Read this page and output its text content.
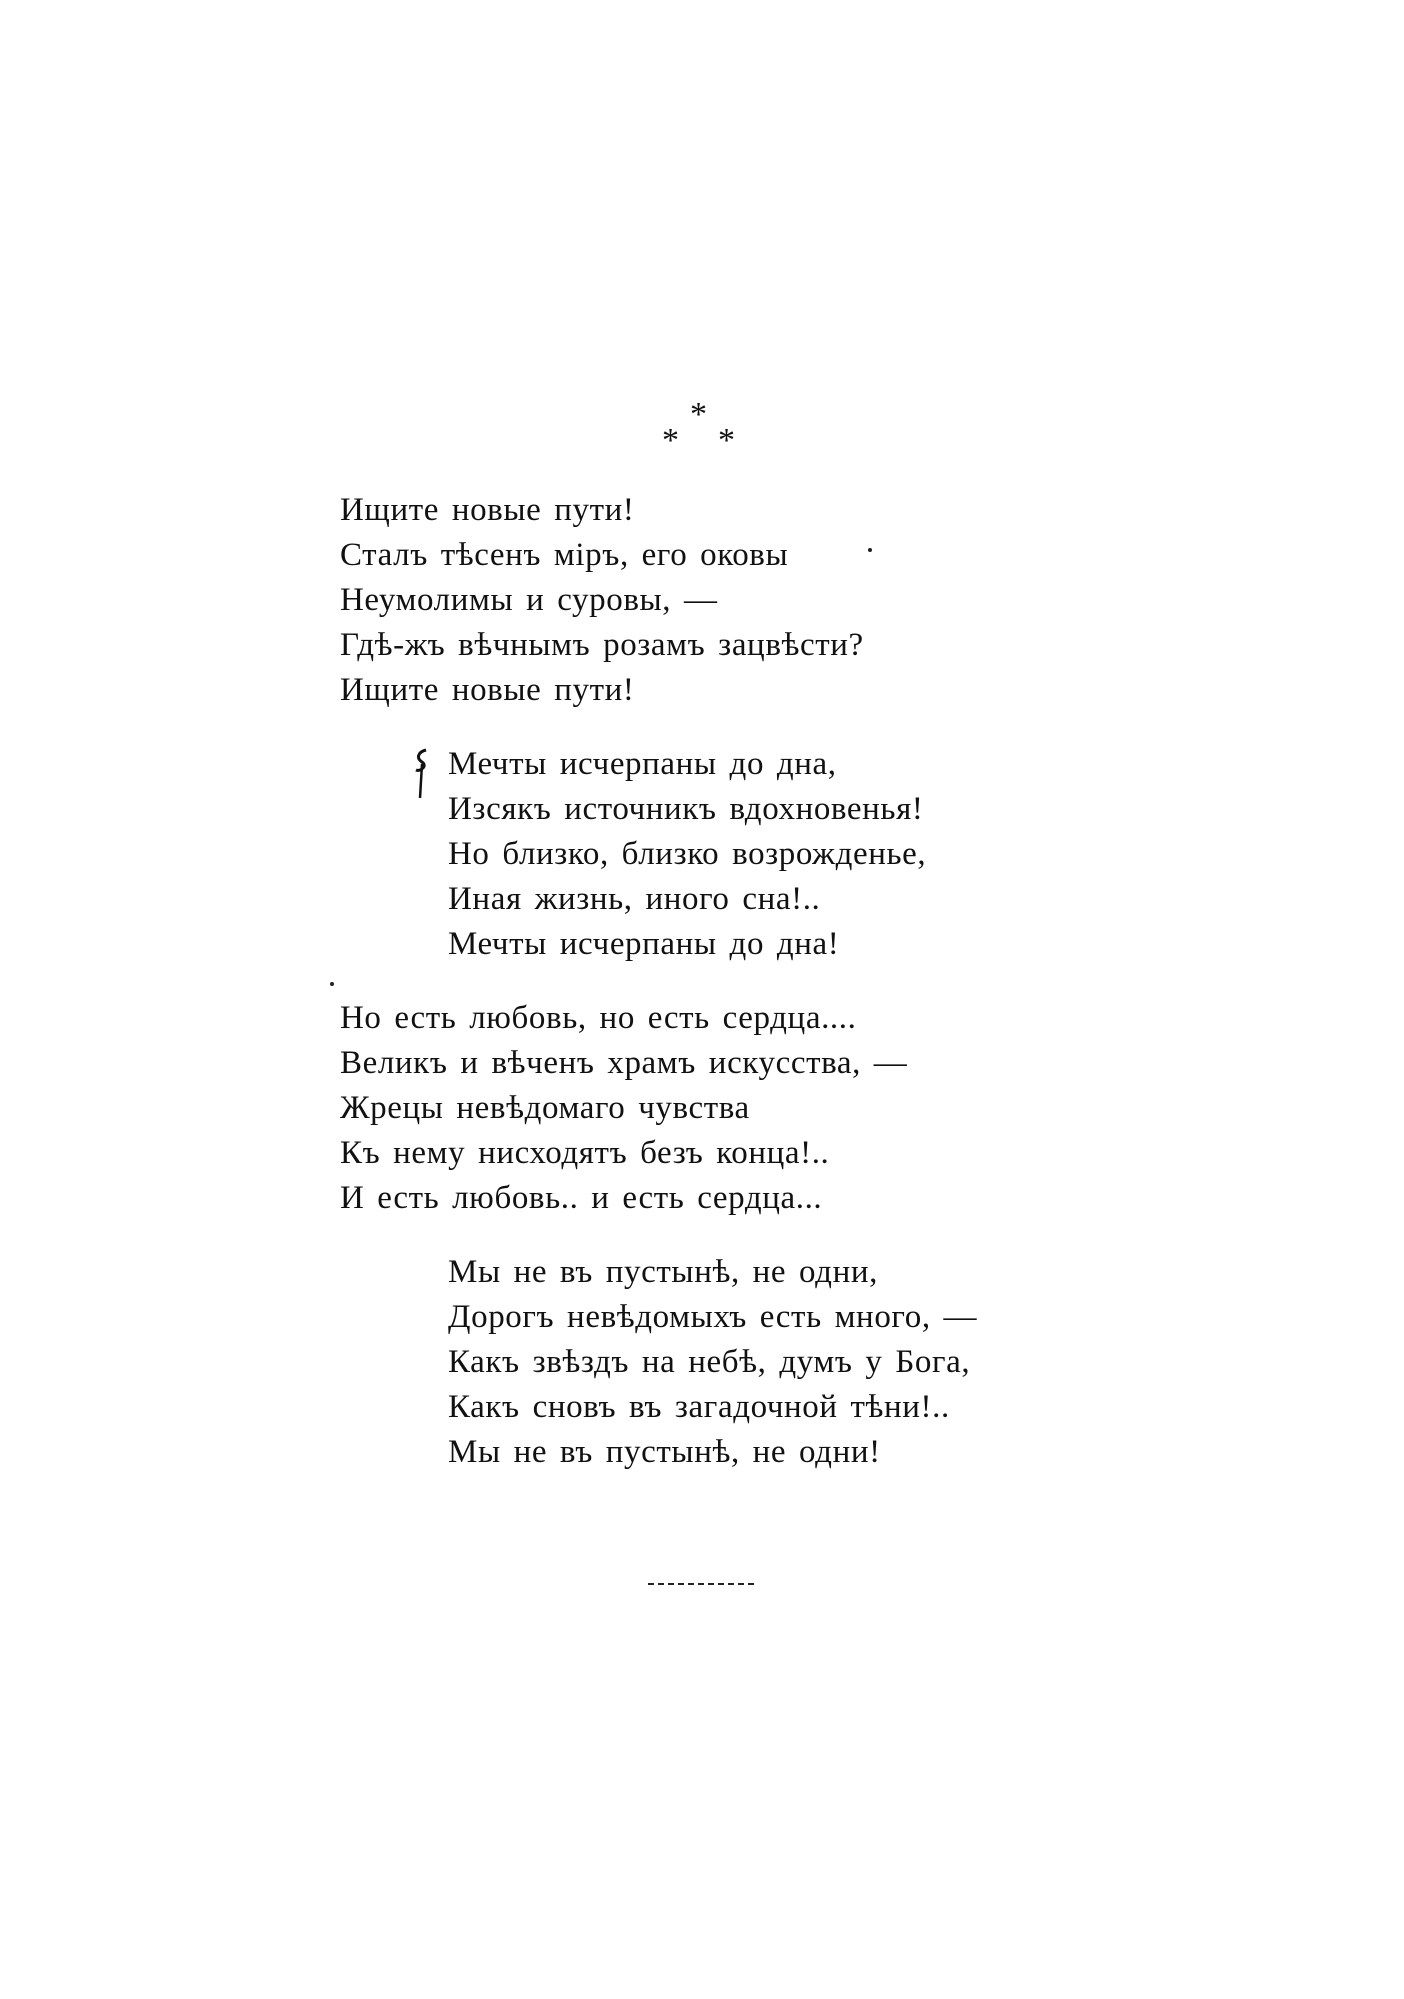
*
* *
Ищите новые пути!
Сталъ тѣсенъ міръ, его оковы
Неумолимы и суровы, —
Гдѣ-жъ вѣчнымъ розамъ зацвѣсти?
Ищите новые пути!
Мечты исчерпаны до дна,
Изсякъ источникъ вдохновенья!
Но близко, близко возрожденье,
Иная жизнь, иного сна!..
Мечты исчерпаны до дна!
Но есть любовь, но есть сердца....
Великъ и вѣченъ храмъ искусства, —
Жрецы невѣдомаго чувства
Къ нему нисходятъ безъ конца!..
И есть любовь.. и есть сердца...
Мы не въ пустынѣ, не одни,
Дорогъ невѣдомыхъ есть много, —
Какъ звѣздъ на небѣ, думъ у Бога,
Какъ сновъ въ загадочной тѣни!..
Мы не въ пустынѣ, не одни!
